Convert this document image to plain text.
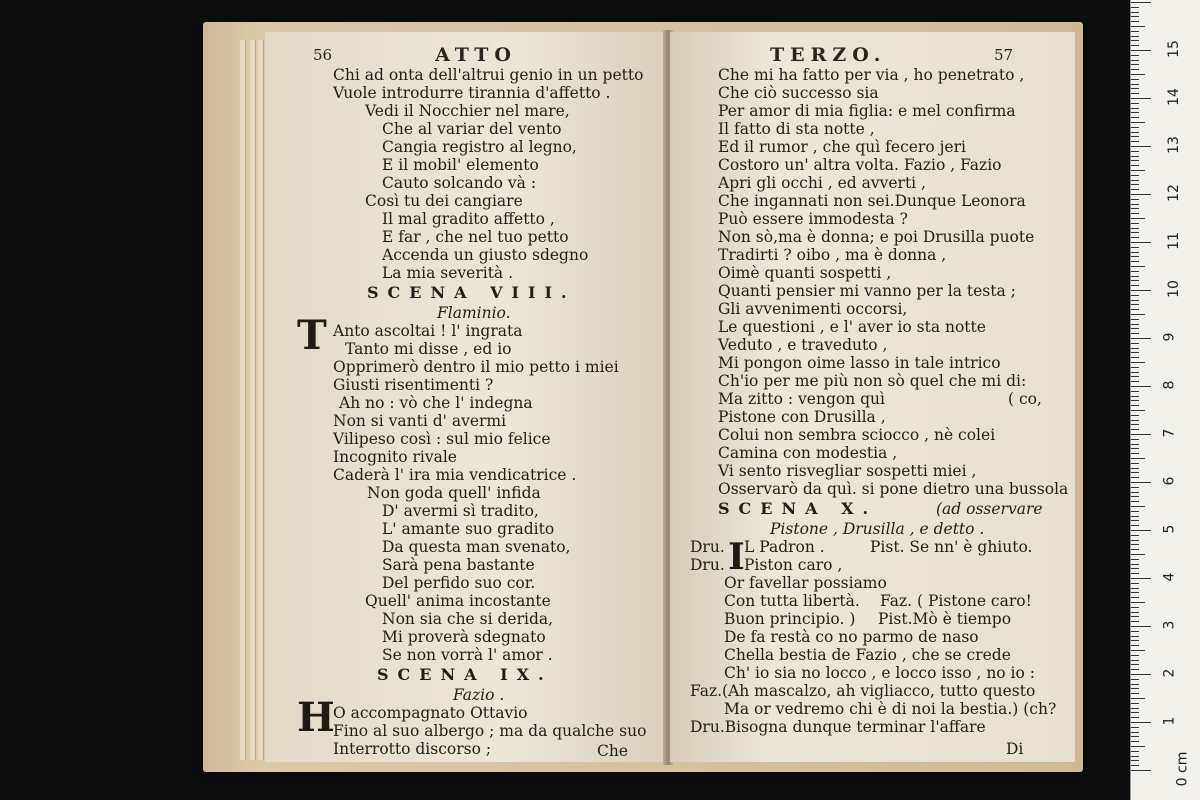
56	ATTO
Chi ad onta dell'altrui genio in un petto
Vuole introdurre tirannia d'affetto .
Vedi il Nocchier nel mare,
Che al variar del vento
Cangia registro al legno,
E il mobil' elemento
Cauto solcando và :
Così tu dei cangiare
Il mal gradito affetto ,
E far , che nel tuo petto
Accenda un giusto sdegno
La mia severità .
SCENA VIII.
Flaminio.
Anto ascoltai ! l' ingrata
Tanto mi disse , ed io
Opprimerò dentro il mio petto i miei
Giusti risentimenti ?
Ah no : vò che l' indegna
Non si vanti d' avermi
Vilipeso così : sul mio felice
Incognito rivale
Caderà l' ira mia vendicatrice .
Non goda quell' infida
D' avermi sì tradito,
L' amante suo gradito
Da questa man svenato,
Sarà pena bastante
Del perfido suo cor.
Quell' anima incostante
Non sia che si derida,
Mi proverà sdegnato
Se non vorrà l' amor .
SCENA IX.
Fazio .
O accompagnato Ottavio
Fino al suo albergo ; ma da qualche suo
Interrotto discorso ;	Che
T
H
TERZO.	57
Che mi ha fatto per via , ho penetrato ,
Che ciò successo sia
Per amor di mia figlia: e mel confirma
Il fatto di sta notte ,
Ed il rumor , che quì fecero jeri
Costoro un' altra volta. Fazio , Fazio
Apri gli occhi , ed avverti ,
Che ingannati non sei.Dunque Leonora
Può essere immodesta ?
Non sò,ma è donna; e poi Drusilla puote
Tradirti ? oibo , ma è donna ,
Oimè quanti sospetti ,
Quanti pensier mi vanno per la testa ;
Gli avvenimenti occorsi,
Le questioni , e l' aver io sta notte
Veduto , e traveduto ,
Mi pongon oime lasso in tale intrico
Ch'io per me più non sò quel che mi di:
Ma zitto : vengon quì	( co,
Pistone con Drusilla ,
Colui non sembra sciocco , nè colei
Camina con modestia ,
Vi sento risvegliar sospetti miei ,
Osservarò da quì. si pone dietro una bussola
SCENA X.	(ad osservare
Pistone , Drusilla , e detto .
Dru. L Padron .	Pist. Se nn' è ghiuto.
Dru. Piston caro ,
Or favellar possiamo
Con tutta libertà. Faz. ( Pistone caro!
Buon principio. ) Pist.Mò è tiempo
De fa restà co no parmo de naso
Chella bestia de Fazio , che se crede
Ch' io sia no locco , e locco isso , no io :
Faz.(Ah mascalzo, ah vigliacco, tutto questo
Ma or vedremo chi è di noi la bestia.) (ch?
Dru.Bisogna dunque terminar l'affare
Di
I
15
14
13
12
11
10
9
8
7
6
5
4
3
2
1
0 cm
